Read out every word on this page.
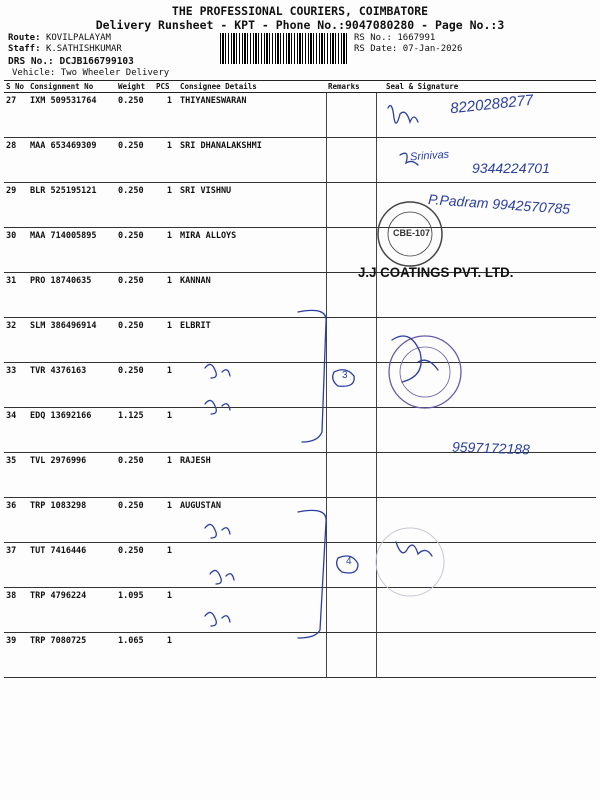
THE PROFESSIONAL COURIERS, COIMBATORE
Delivery Runsheet - KPT - Phone No.:9047080280 - Page No.:3
Route: KOVILPALAYAM
Staff: K.SATHISHKUMAR
DRS No.: DCJB166799103
Vehicle: Two Wheeler Delivery
RS No.: 1667991
RS Date: 07-Jan-2026
S No	Consignment No	Weight	PCS	Consignee Details	Remarks	Seal & Signature
27	IXM 509531764	0.250	1	THIYANESWARAN		
28	MAA 653469309	0.250	1	SRI DHANALAKSHMI		
29	BLR 525195121	0.250	1	SRI VISHNU		
30	MAA 714005895	0.250	1	MIRA ALLOYS		
31	PRO 18740635	0.250	1	KANNAN		
32	SLM 386496914	0.250	1	ELBRIT		
33	TVR 4376163	0.250	1			
34	EDQ 13692166	1.125	1			
35	TVL 2976996	0.250	1	RAJESH		
36	TRP 1083298	0.250	1	AUGUSTAN		
37	TUT 7416446	0.250	1			
38	TRP 4796224	1.095	1			
39	TRP 7080725	1.065	1			
8220288277
Srinivas
9344224701
P.Padram 9942570785
CBE-107
J.J COATINGS PVT. LTD.
9597172188
3
4
